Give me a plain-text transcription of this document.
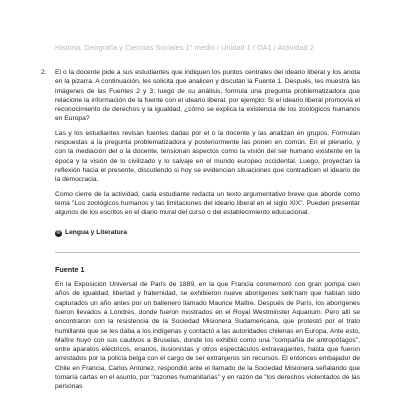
Historia, Geografía y Ciencias Sociales 1° medio / Unidad 1 / OA1 / Actividad 2
2.	El o la docente pide a sus estudiantes que indiquen los puntos centrales del ideario liberal y los anota en la pizarra. A continuación, les solicita que analicen y discutan la Fuente 1. Después, les muestra las imágenes de las Fuentes 2 y 3; luego de su análisis, formula una pregunta problematizadora que relacione la información de la fuente con el ideario liberal, por ejemplo: Si el ideario liberal promovía el reconocimiento de derechos y la igualdad, ¿cómo se explica la existencia de los zoológicos humanos en Europa?

Las y los estudiantes revisan fuentes dadas por el o la docente y las analizan en grupos. Formulan respuestas a la pregunta problematizadora y posteriormente las ponen en común. En el plenario, y con la mediación del o la docente, tensionan aspectos como la visión del ser humano existente en la época y la visión de lo civilizado y lo salvaje en el mundo europeo occidental. Luego, proyectan la reflexión hacia el presente, discutiendo si hoy se evidencian situaciones que contradicen el ideario de la democracia.

Como cierre de la actividad, cada estudiante redacta un texto argumentativo breve que aborde como tema "Los zoológicos humanos y las limitaciones del ideario liberal en el siglo XIX". Pueden presentar algunos de los escritos en el diario mural del curso o del establecimiento educacional.

® Lengua y Literatura
Fuente 1

En la Exposición Universal de París de 1889, en la que Francia conmemoró con gran pompa cien años de igualdad, libertad y fraternidad, se exhibieron nueve aborígenes selk'nam que habían sido capturados un año antes por un ballenero llamado Maurice Maître. Después de París, los aborígenes fueron llevados a Londres, donde fueron mostrados en el Royal Westminster Aquarium. Pero allí se encontraron con la resistencia de la Sociedad Misionera Sudamericana, que protestó por el trato humillante que se les daba a los indígenas y contactó a las autoridades chilenas en Europa. Ante esto, Maître huyó con sus cautivos a Bruselas, donde los exhibió como una "compañía de antropófagos", entre aparatos eléctricos, enanos, ilusionistas y otros espectáculos extravagantes, hasta que fueron arrestados por la policía belga con el cargo de ser extranjeros sin recursos. El entonces embajador de Chile en Francia, Carlos Antúnez, respondió ante el llamado de la Sociedad Misionera señalando que tomaría cartas en el asunto, por "razones humanitarias" y en razón de "los derechos violentados de las personas
